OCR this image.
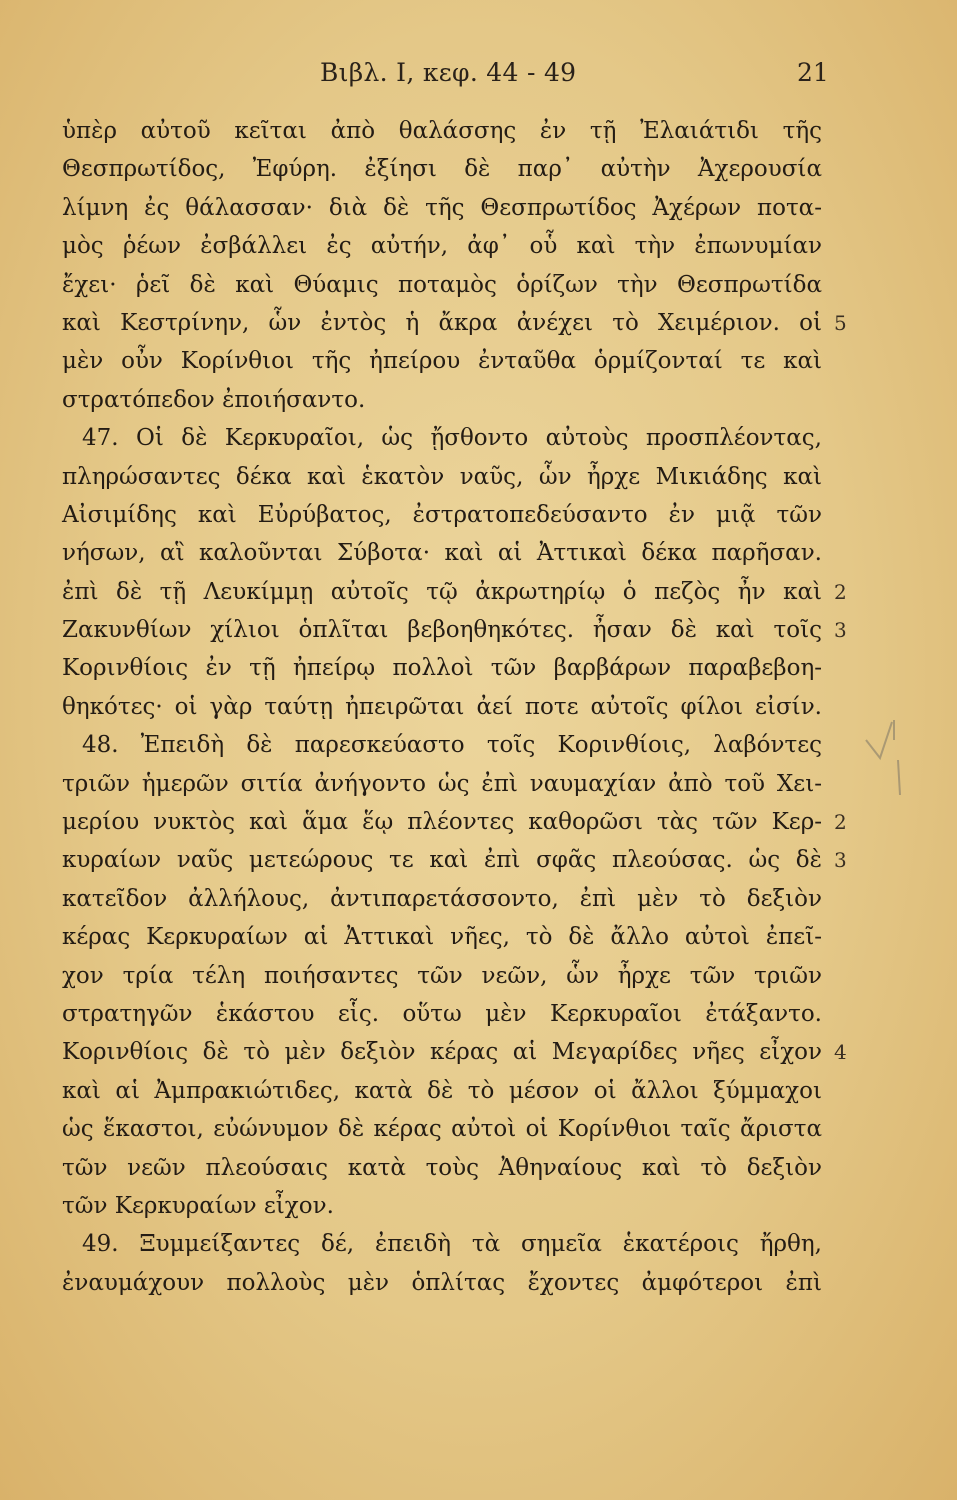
Βιβλ. Ι, κεφ. 44 - 49	21
ὑπὲρ αὐτοῦ κεῖται ἀπὸ θαλάσσης ἐν τῇ Ἐλαιάτιδι τῆς
Θεσπρωτίδος, Ἐφύρη. ἐξίησι δὲ παρ᾽ αὐτὴν Ἀχερουσία
λίμνη ἐς θάλασσαν· διὰ δὲ τῆς Θεσπρωτίδος Ἀχέρων ποτα-
μὸς ῥέων ἐσβάλλει ἐς αὐτήν, ἀφ᾽ οὗ καὶ τὴν ἐπωνυμίαν
ἔχει· ῥεῖ δὲ καὶ Θύαμις ποταμὸς ὁρίζων τὴν Θεσπρωτίδα
καὶ Κεστρίνην, ὧν ἐντὸς ἡ ἄκρα ἀνέχει τὸ Χειμέριον. οἱ 5
μὲν οὖν Κορίνθιοι τῆς ἠπείρου ἐνταῦθα ὁρμίζονταί τε καὶ
στρατόπεδον ἐποιήσαντο.
47. Οἱ δὲ Κερκυραῖοι, ὡς ᾔσθοντο αὐτοὺς προσπλέοντας,
πληρώσαντες δέκα καὶ ἑκατὸν ναῦς, ὧν ἦρχε Μικιάδης καὶ
Αἰσιμίδης καὶ Εὐρύβατος, ἐστρατοπεδεύσαντο ἐν μιᾷ τῶν
νήσων, αἳ καλοῦνται Σύβοτα· καὶ αἱ Ἀττικαὶ δέκα παρῆσαν.
ἐπὶ δὲ τῇ Λευκίμμῃ αὐτοῖς τῷ ἀκρωτηρίῳ ὁ πεζὸς ἦν καὶ 2
Ζακυνθίων χίλιοι ὁπλῖται βεβοηθηκότες. ἦσαν δὲ καὶ τοῖς 3
Κορινθίοις ἐν τῇ ἠπείρῳ πολλοὶ τῶν βαρβάρων παραβεβοη-
θηκότες· οἱ γὰρ ταύτῃ ἠπειρῶται ἀεί ποτε αὐτοῖς φίλοι εἰσίν.
48. Ἐπειδὴ δὲ παρεσκεύαστο τοῖς Κορινθίοις, λαβόντες
τριῶν ἡμερῶν σιτία ἀνήγοντο ὡς ἐπὶ ναυμαχίαν ἀπὸ τοῦ Χει-
μερίου νυκτὸς καὶ ἅμα ἕῳ πλέοντες καθορῶσι τὰς τῶν Κερ- 2
κυραίων ναῦς μετεώρους τε καὶ ἐπὶ σφᾶς πλεούσας. ὡς δὲ 3
κατεῖδον ἀλλήλους, ἀντιπαρετάσσοντο, ἐπὶ μὲν τὸ δεξιὸν
κέρας Κερκυραίων αἱ Ἀττικαὶ νῆες, τὸ δὲ ἄλλο αὐτοὶ ἐπεῖ-
χον τρία τέλη ποιήσαντες τῶν νεῶν, ὧν ἦρχε τῶν τριῶν
στρατηγῶν ἑκάστου εἷς. οὕτω μὲν Κερκυραῖοι ἐτάξαντο.
Κορινθίοις δὲ τὸ μὲν δεξιὸν κέρας αἱ Μεγαρίδες νῆες εἶχον 4
καὶ αἱ Ἀμπρακιώτιδες, κατὰ δὲ τὸ μέσον οἱ ἄλλοι ξύμμαχοι
ὡς ἕκαστοι, εὐώνυμον δὲ κέρας αὐτοὶ οἱ Κορίνθιοι ταῖς ἄριστα
τῶν νεῶν πλεούσαις κατὰ τοὺς Ἀθηναίους καὶ τὸ δεξιὸν
τῶν Κερκυραίων εἶχον.
49. Ξυμμείξαντες δέ, ἐπειδὴ τὰ σημεῖα ἑκατέροις ἤρθη,
ἐναυμάχουν πολλοὺς μὲν ὁπλίτας ἔχοντες ἀμφότεροι ἐπὶ
